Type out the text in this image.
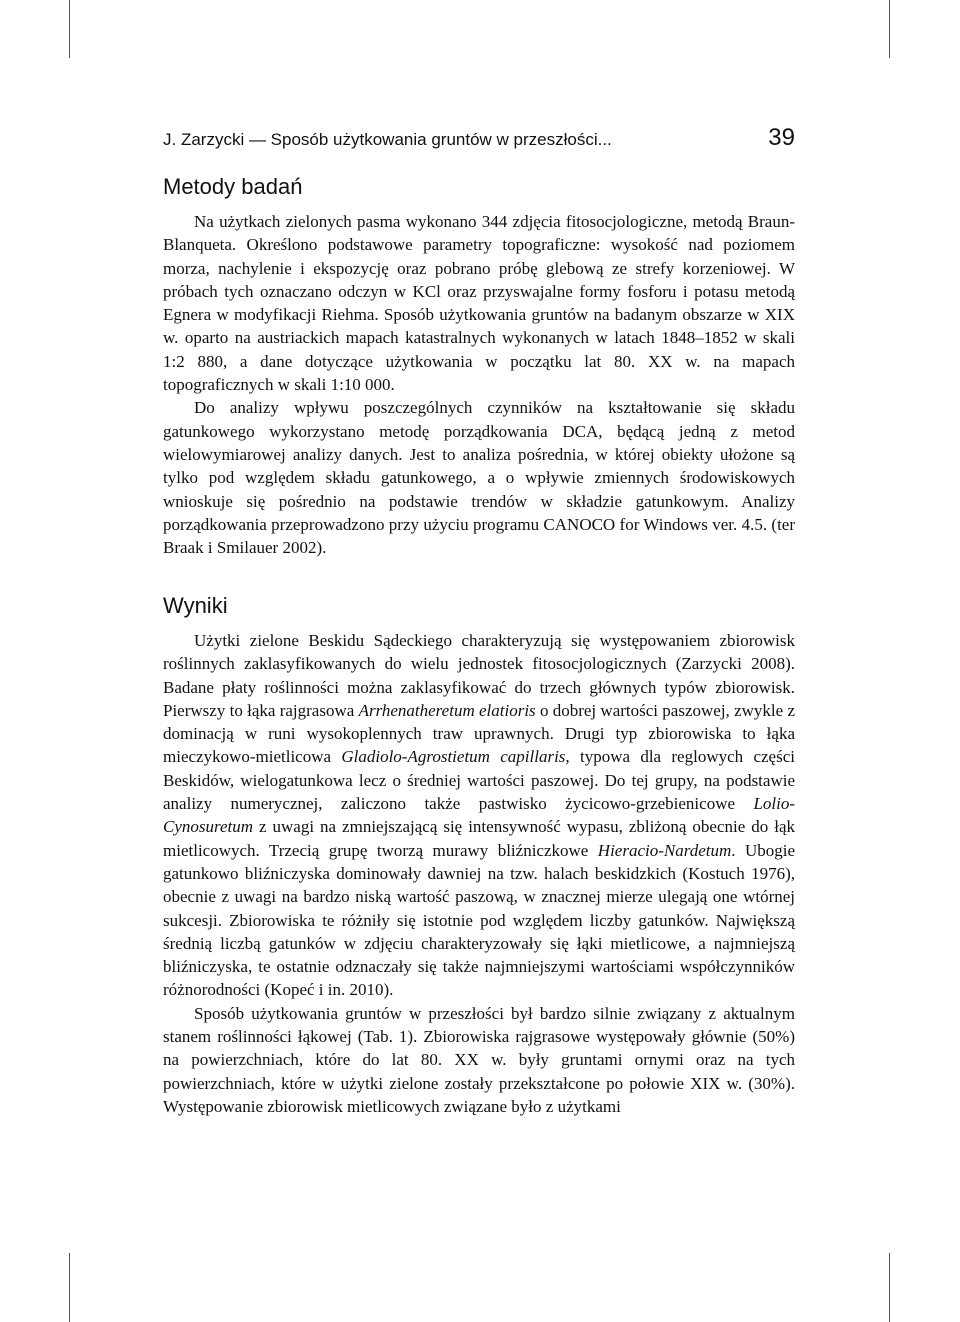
J. Zarzycki — Sposób użytkowania gruntów w przeszłości...	39
Metody badań

Na użytkach zielonych pasma wykonano 344 zdjęcia fitosocjologiczne, metodą Braun-Blanqueta. Określono podstawowe parametry topograficzne: wysokość nad poziomem morza, nachylenie i ekspozycję oraz pobrano próbę glebową ze strefy korzeniowej. W próbach tych oznaczano odczyn w KCl oraz przyswajalne formy fosforu i potasu metodą Egnera w modyfikacji Riehma. Sposób użytkowania gruntów na badanym obszarze w XIX w. oparto na austriackich mapach katastralnych wykonanych w latach 1848–1852 w skali 1:2 880, a dane dotyczące użytkowania w początku lat 80. XX w. na mapach topograficznych w skali 1:10 000.

Do analizy wpływu poszczególnych czynników na kształtowanie się składu gatunkowego wykorzystano metodę porządkowania DCA, będącą jedną z metod wielowymiarowej analizy danych. Jest to analiza pośrednia, w której obiekty ułożone są tylko pod względem składu gatunkowego, a o wpływie zmiennych środowiskowych wnioskuje się pośrednio na podstawie trendów w składzie gatunkowym. Analizy porządkowania przeprowadzono przy użyciu programu CANOCO for Windows ver. 4.5. (ter Braak i Smilauer 2002).

Wyniki

Użytki zielone Beskidu Sądeckiego charakteryzują się występowaniem zbiorowisk roślinnych zaklasyfikowanych do wielu jednostek fitosocjologicznych (Zarzycki 2008). Badane płaty roślinności można zaklasyfikować do trzech głównych typów zbiorowisk. Pierwszy to łąka rajgrasowa Arrhenatheretum elatioris o dobrej wartości paszowej, zwykle z dominacją w runi wysokoplennych traw uprawnych. Drugi typ zbiorowiska to łąka mieczykowo-mietlicowa Gladiolo-Agrostietum capillaris, typowa dla reglowych części Beskidów, wielogatunkowa lecz o średniej wartości paszowej. Do tej grupy, na podstawie analizy numerycznej, zaliczono także pastwisko życicowo-grzebienicowe Lolio-Cynosuretum z uwagi na zmniejszającą się intensywność wypasu, zbliżoną obecnie do łąk mietlicowych. Trzecią grupę tworzą murawy bliźniczkowe Hieracio-Nardetum. Ubogie gatunkowo bliźniczyska dominowały dawniej na tzw. halach beskidzkich (Kostuch 1976), obecnie z uwagi na bardzo niską wartość paszową, w znacznej mierze ulegają one wtórnej sukcesji. Zbiorowiska te różniły się istotnie pod względem liczby gatunków. Największą średnią liczbą gatunków w zdjęciu charakteryzowały się łąki mietlicowe, a najmniejszą bliźniczyska, te ostatnie odznaczały się także najmniejszymi wartościami współczynników różnorodności (Kopeć i in. 2010).

Sposób użytkowania gruntów w przeszłości był bardzo silnie związany z aktualnym stanem roślinności łąkowej (Tab. 1). Zbiorowiska rajgrasowe występowały głównie (50%) na powierzchniach, które do lat 80. XX w. były gruntami ornymi oraz na tych powierzchniach, które w użytki zielone zostały przekształcone po połowie XIX w. (30%). Występowanie zbiorowisk mietlicowych związane było z użytkami
